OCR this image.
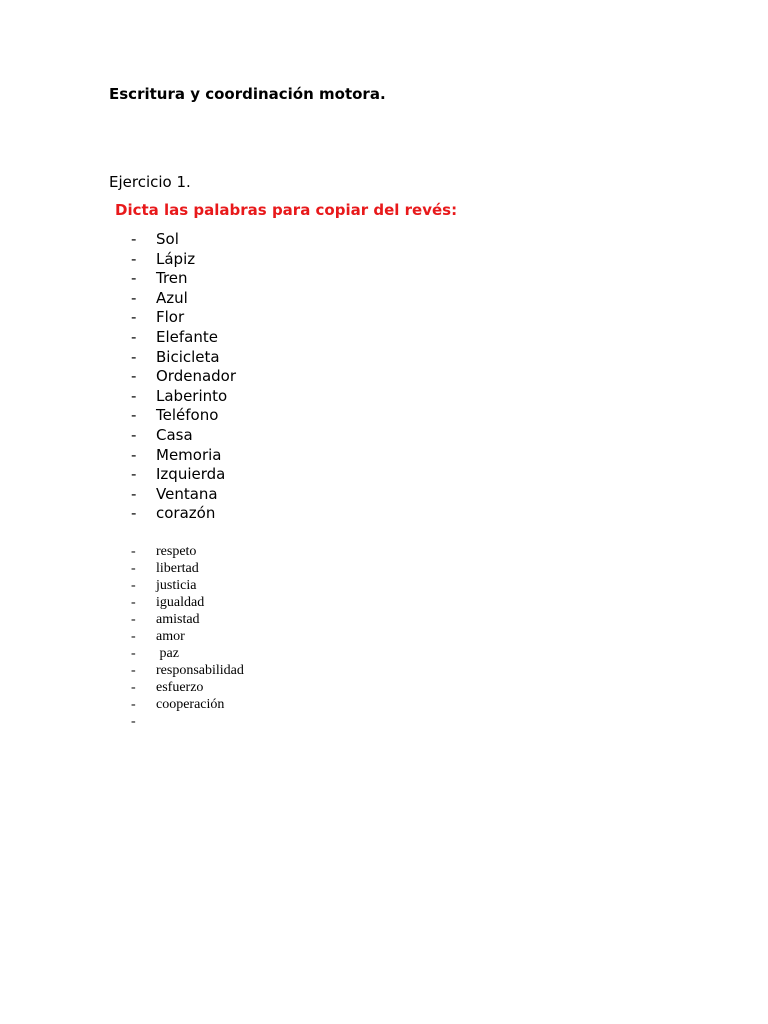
Escritura y coordinación motora.
Ejercicio 1.
Dicta las palabras para copiar del revés:
- Sol
- Lápiz
- Tren
- Azul
- Flor
- Elefante
- Bicicleta
- Ordenador
- Laberinto
- Teléfono
- Casa
- Memoria
- Izquierda
- Ventana
- corazón
- respeto
- libertad
- justicia
- igualdad
- amistad
- amor
- paz
- responsabilidad
- esfuerzo
- cooperación
-
